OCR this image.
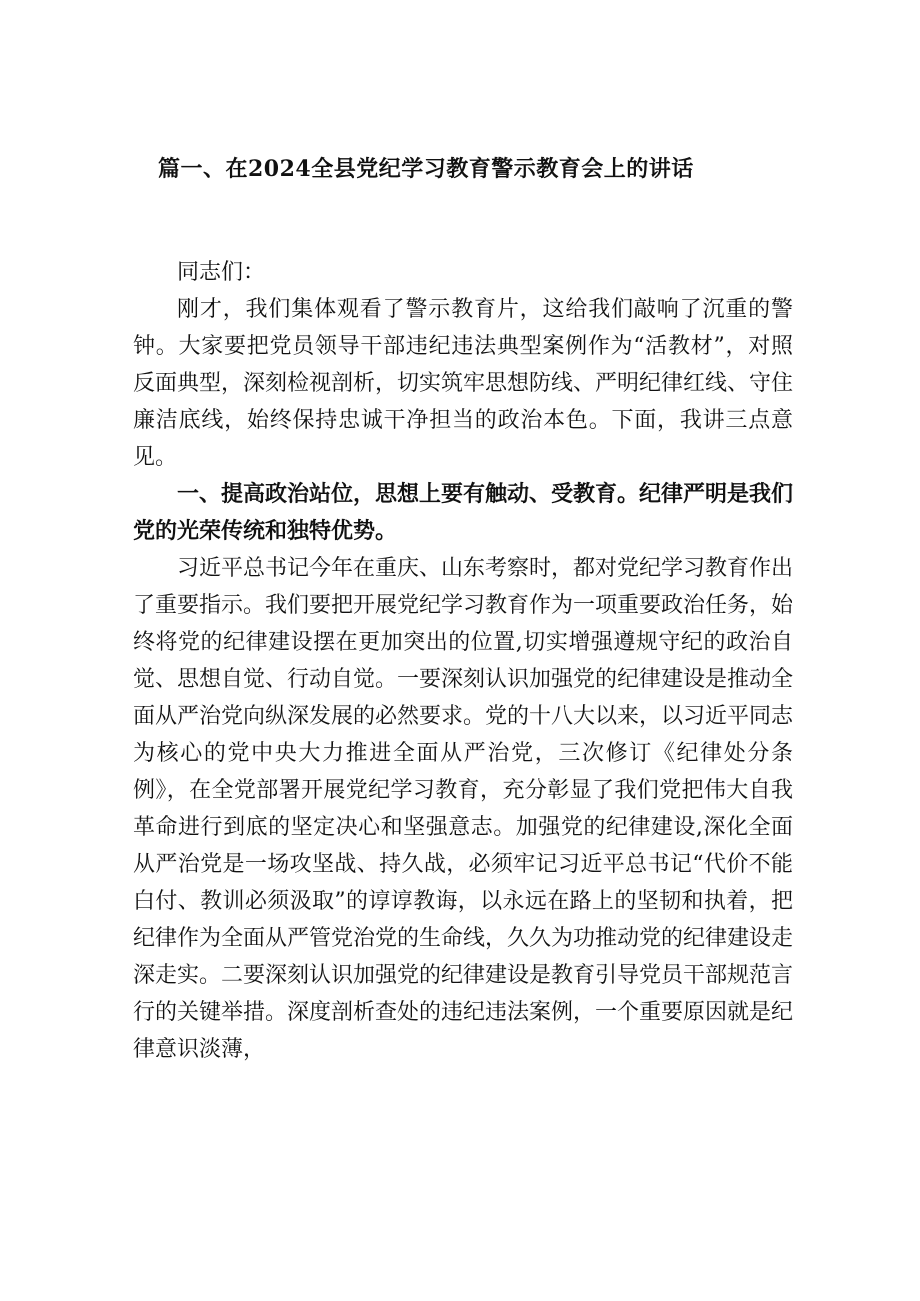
篇一、在2024全县党纪学习教育警示教育会上的讲话

同志们：

刚才，我们集体观看了警示教育片，这给我们敲响了沉重的警钟。大家要把党员领导干部违纪违法典型案例作为“活教材”，对照反面典型，深刻检视剖析，切实筑牢思想防线、严明纪律红线、守住廉洁底线，始终保持忠诚干净担当的政治本色。下面，我讲三点意见。

一、提高政治站位，思想上要有触动、受教育。纪律严明是我们党的光荣传统和独特优势。

习近平总书记今年在重庆、山东考察时，都对党纪学习教育作出了重要指示。我们要把开展党纪学习教育作为一项重要政治任务，始终将党的纪律建设摆在更加突出的位置,切实增强遵规守纪的政治自觉、思想自觉、行动自觉。一要深刻认识加强党的纪律建设是推动全面从严治党向纵深发展的必然要求。党的十八大以来，以习近平同志为核心的党中央大力推进全面从严治党，三次修订《纪律处分条例》，在全党部署开展党纪学习教育，充分彰显了我们党把伟大自我革命进行到底的坚定决心和坚强意志。加强党的纪律建设,深化全面从严治党是一场攻坚战、持久战，必须牢记习近平总书记“代价不能白付、教训必须汲取”的谆谆教诲，以永远在路上的坚韧和执着，把纪律作为全面从严管党治党的生命线，久久为功推动党的纪律建设走深走实。二要深刻认识加强党的纪律建设是教育引导党员干部规范言行的关键举措。深度剖析查处的违纪违法案例，一个重要原因就是纪律意识淡薄，
